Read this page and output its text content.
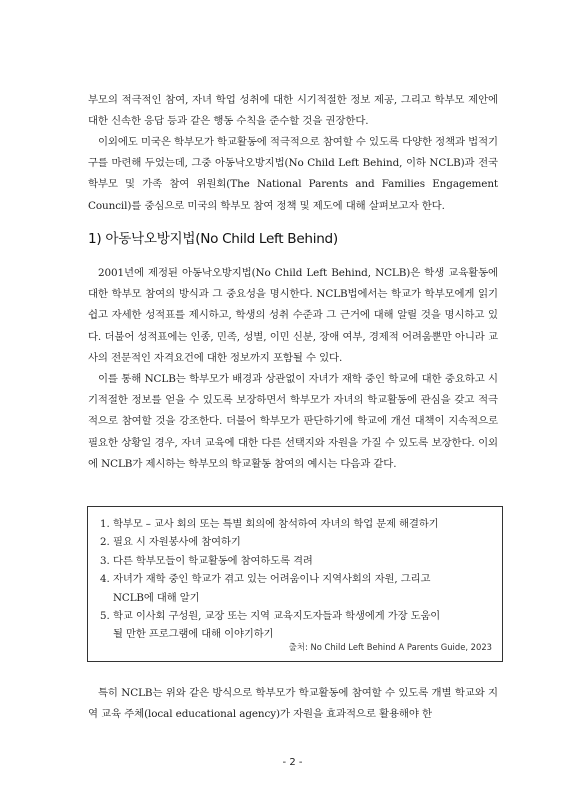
부모의 적극적인 참여, 자녀 학업 성취에 대한 시기적절한 정보 제공, 그리고 학부모 제안에 대한 신속한 응답 등과 같은 행동 수칙을 준수할 것을 권장한다.

이외에도 미국은 학부모가 학교활동에 적극적으로 참여할 수 있도록 다양한 정책과 법적기구를 마련해 두었는데, 그중 아동낙오방지법(No Child Left Behind, 이하 NCLB)과 전국 학부모 및 가족 참여 위원회(The National Parents and Families Engagement Council)를 중심으로 미국의 학부모 참여 정책 및 제도에 대해 살펴보고자 한다.

1) 아동낙오방지법(No Child Left Behind)

2001년에 제정된 아동낙오방지법(No Child Left Behind, NCLB)은 학생 교육활동에 대한 학부모 참여의 방식과 그 중요성을 명시한다. NCLB법에서는 학교가 학부모에게 읽기 쉽고 자세한 성적표를 제시하고, 학생의 성취 수준과 그 근거에 대해 알릴 것을 명시하고 있다. 더불어 성적표에는 인종, 민족, 성별, 이민 신분, 장애 여부, 경제적 어려움뿐만 아니라 교사의 전문적인 자격요건에 대한 정보까지 포함될 수 있다.

이를 통해 NCLB는 학부모가 배경과 상관없이 자녀가 재학 중인 학교에 대한 중요하고 시기적절한 정보를 얻을 수 있도록 보장하면서 학부모가 자녀의 학교활동에 관심을 갖고 적극적으로 참여할 것을 강조한다. 더불어 학부모가 판단하기에 학교에 개선 대책이 지속적으로 필요한 상황일 경우, 자녀 교육에 대한 다른 선택지와 자원을 가질 수 있도록 보장한다. 이외에 NCLB가 제시하는 학부모의 학교활동 참여의 예시는 다음과 같다.

1. 학부모 – 교사 회의 또는 특별 회의에 참석하여 자녀의 학업 문제 해결하기
2. 필요 시 자원봉사에 참여하기
3. 다른 학부모들이 학교활동에 참여하도록 격려
4. 자녀가 재학 중인 학교가 겪고 있는 어려움이나 지역사회의 자원, 그리고
NCLB에 대해 알기
5. 학교 이사회 구성원, 교장 또는 지역 교육지도자들과 학생에게 가장 도움이
될 만한 프로그램에 대해 이야기하기

출처: No Child Left Behind A Parents Guide, 2023

특히 NCLB는 위와 같은 방식으로 학부모가 학교활동에 참여할 수 있도록 개별 학교와 지역 교육 주체(local educational agency)가 자원을 효과적으로 활용해야 한

- 2 -
